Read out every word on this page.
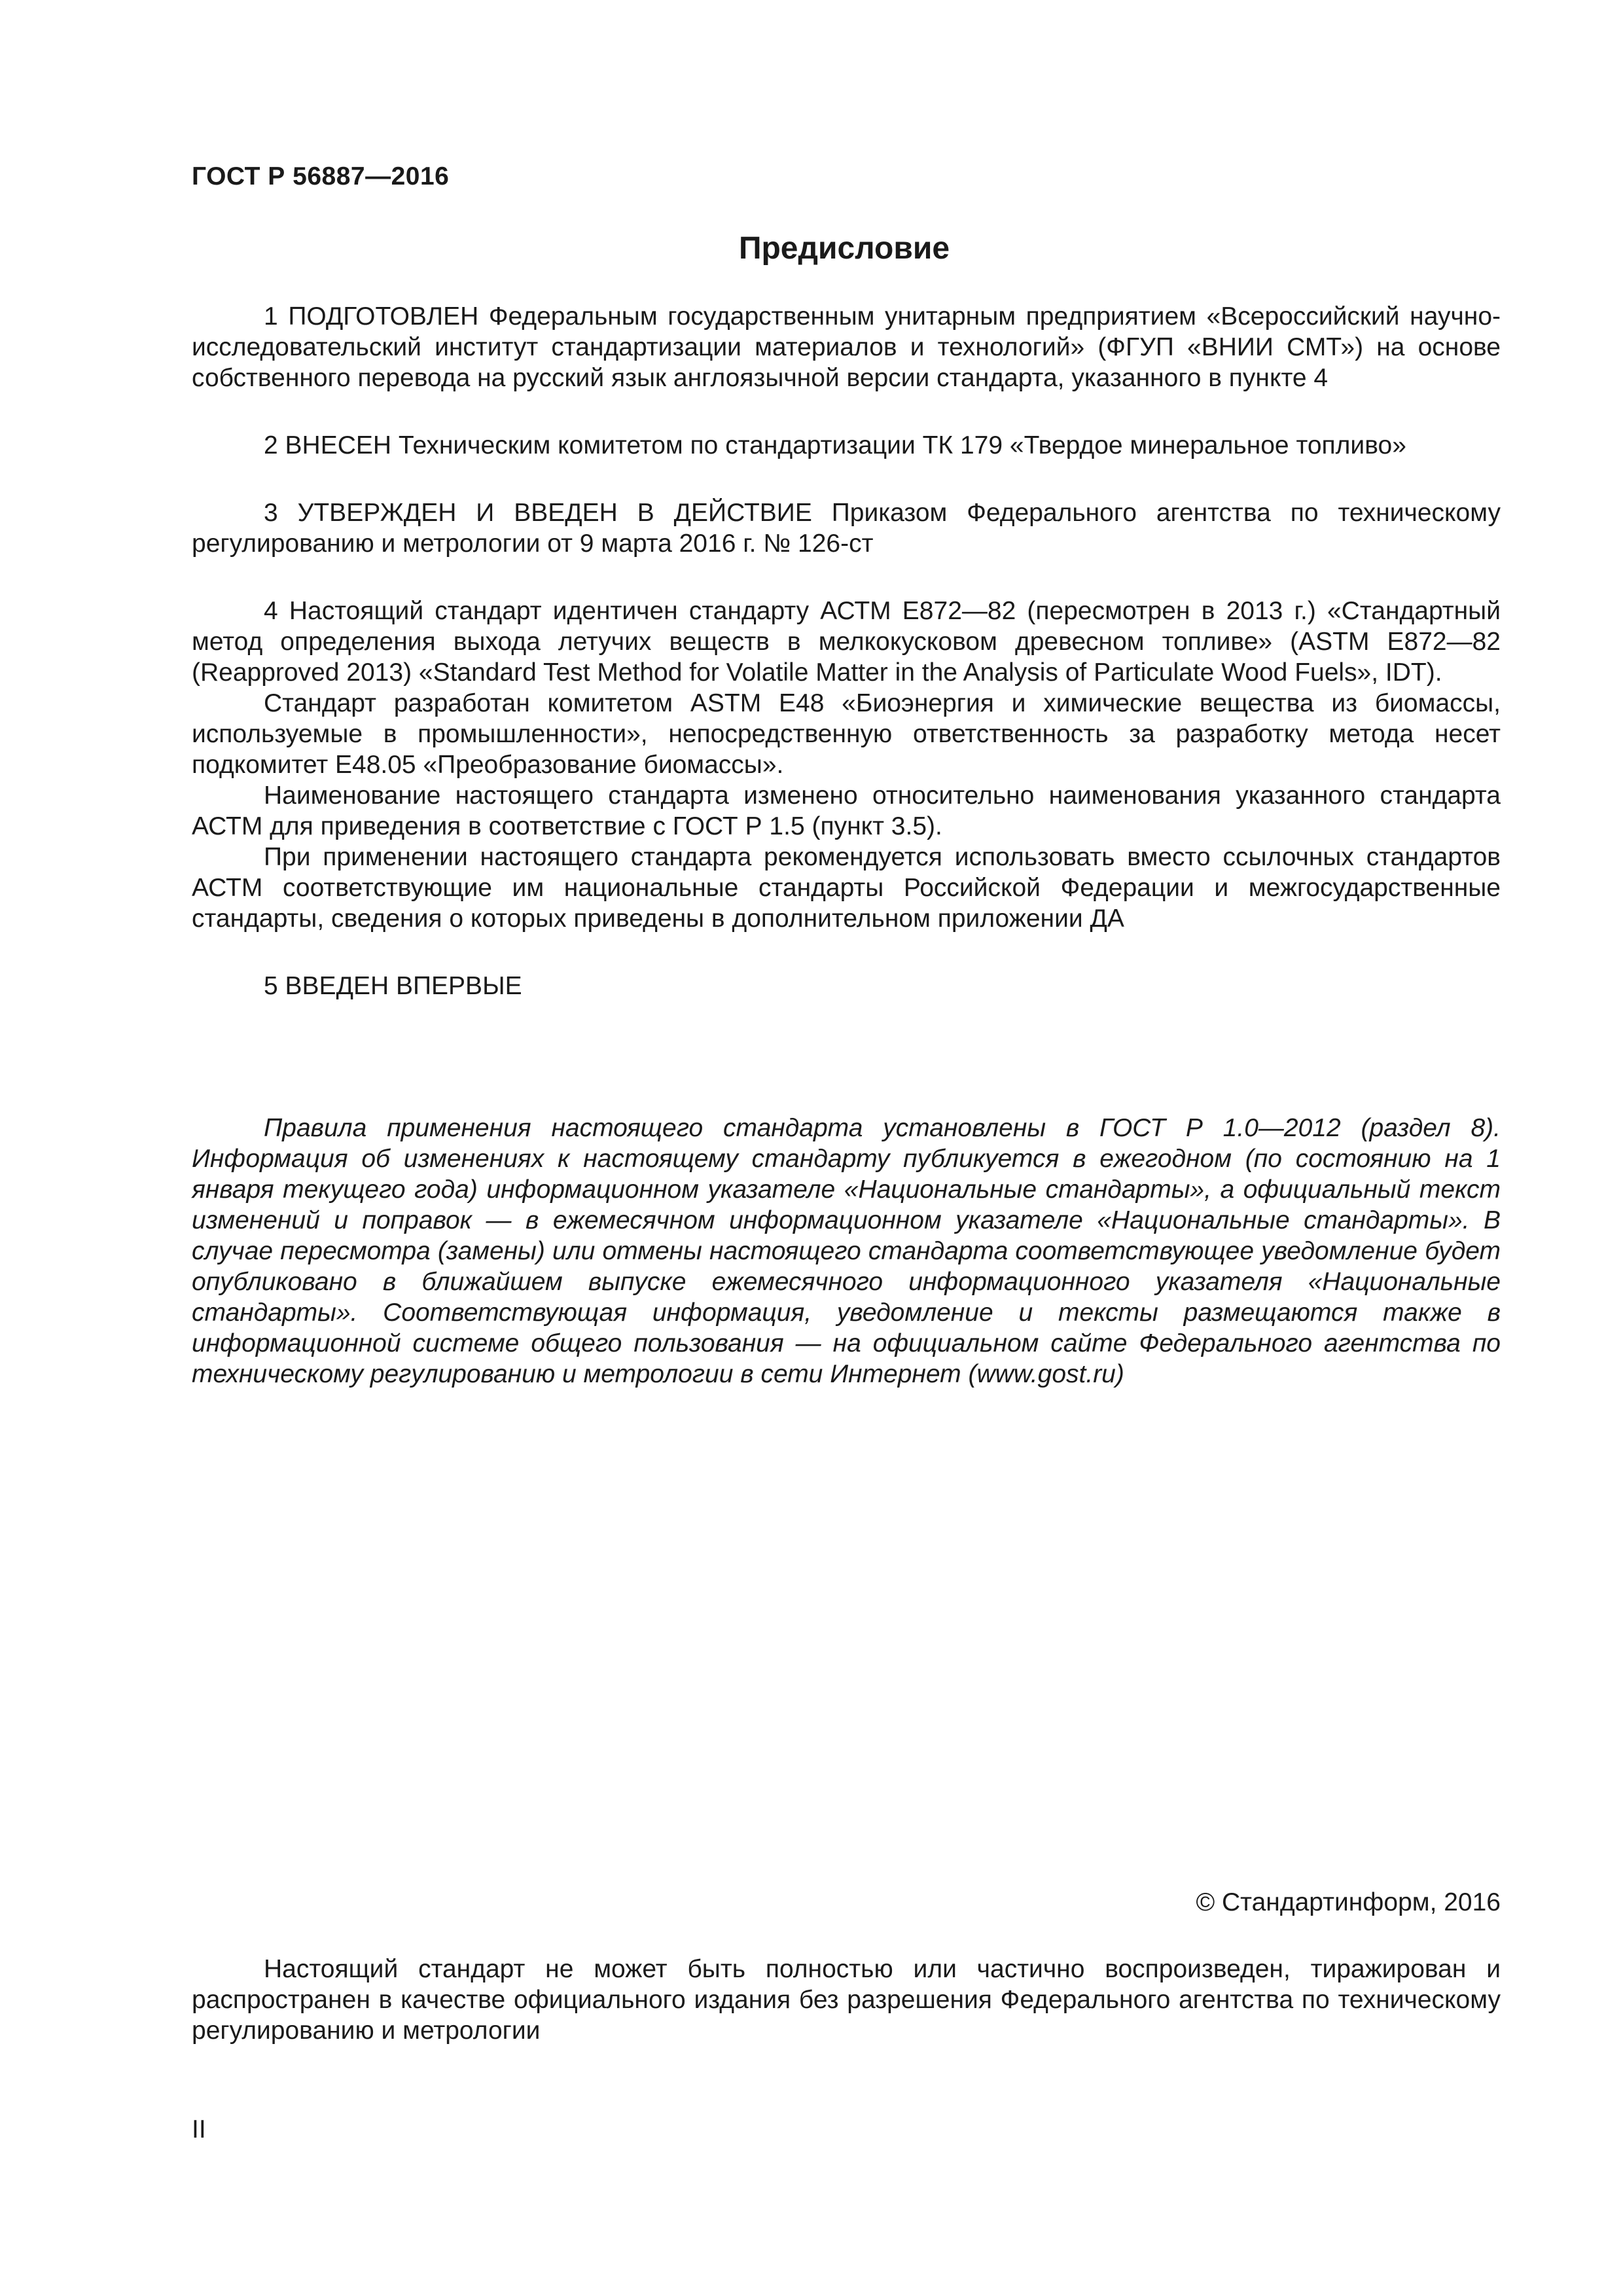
ГОСТ Р 56887—2016
Предисловие

1 ПОДГОТОВЛЕН Федеральным государственным унитарным предприятием «Всероссийский научно-исследовательский институт стандартизации материалов и технологий» (ФГУП «ВНИИ СМТ») на основе собственного перевода на русский язык англоязычной версии стандарта, указанного в пункте 4

2 ВНЕСЕН Техническим комитетом по стандартизации ТК 179 «Твердое минеральное топливо»

3 УТВЕРЖДЕН И ВВЕДЕН В ДЕЙСТВИЕ Приказом Федерального агентства по техническому регулированию и метрологии от 9 марта 2016 г. № 126-ст

4 Настоящий стандарт идентичен стандарту АСТМ Е872—82 (пересмотрен в 2013 г.) «Стандартный метод определения выхода летучих веществ в мелкокусковом древесном топливе» (ASTM E872—82 (Reapproved 2013) «Standard Test Method for Volatile Matter in the Analysis of Particulate Wood Fuels», IDT).

Стандарт разработан комитетом ASTM E48 «Биоэнергия и химические вещества из биомассы, используемые в промышленности», непосредственную ответственность за разработку метода несет подкомитет Е48.05 «Преобразование биомассы».

Наименование настоящего стандарта изменено относительно наименования указанного стандарта АСТМ для приведения в соответствие с ГОСТ Р 1.5 (пункт 3.5).

При применении настоящего стандарта рекомендуется использовать вместо ссылочных стандартов АСТМ соответствующие им национальные стандарты Российской Федерации и межгосударственные стандарты, сведения о которых приведены в дополнительном приложении ДА

5 ВВЕДЕН ВПЕРВЫЕ

Правила применения настоящего стандарта установлены в ГОСТ Р 1.0—2012 (раздел 8). Информация об изменениях к настоящему стандарту публикуется в ежегодном (по состоянию на 1 января текущего года) информационном указателе «Национальные стандарты», а официальный текст изменений и поправок — в ежемесячном информационном указателе «Национальные стандарты». В случае пересмотра (замены) или отмены настоящего стандарта соответствующее уведомление будет опубликовано в ближайшем выпуске ежемесячного информационного указателя «Национальные стандарты». Соответствующая информация, уведомление и тексты размещаются также в информационной системе общего пользования — на официальном сайте Федерального агентства по техническому регулированию и метрологии в сети Интернет (www.gost.ru)

© Стандартинформ, 2016

Настоящий стандарт не может быть полностью или частично воспроизведен, тиражирован и распространен в качестве официального издания без разрешения Федерального агентства по техническому регулированию и метрологии

II
